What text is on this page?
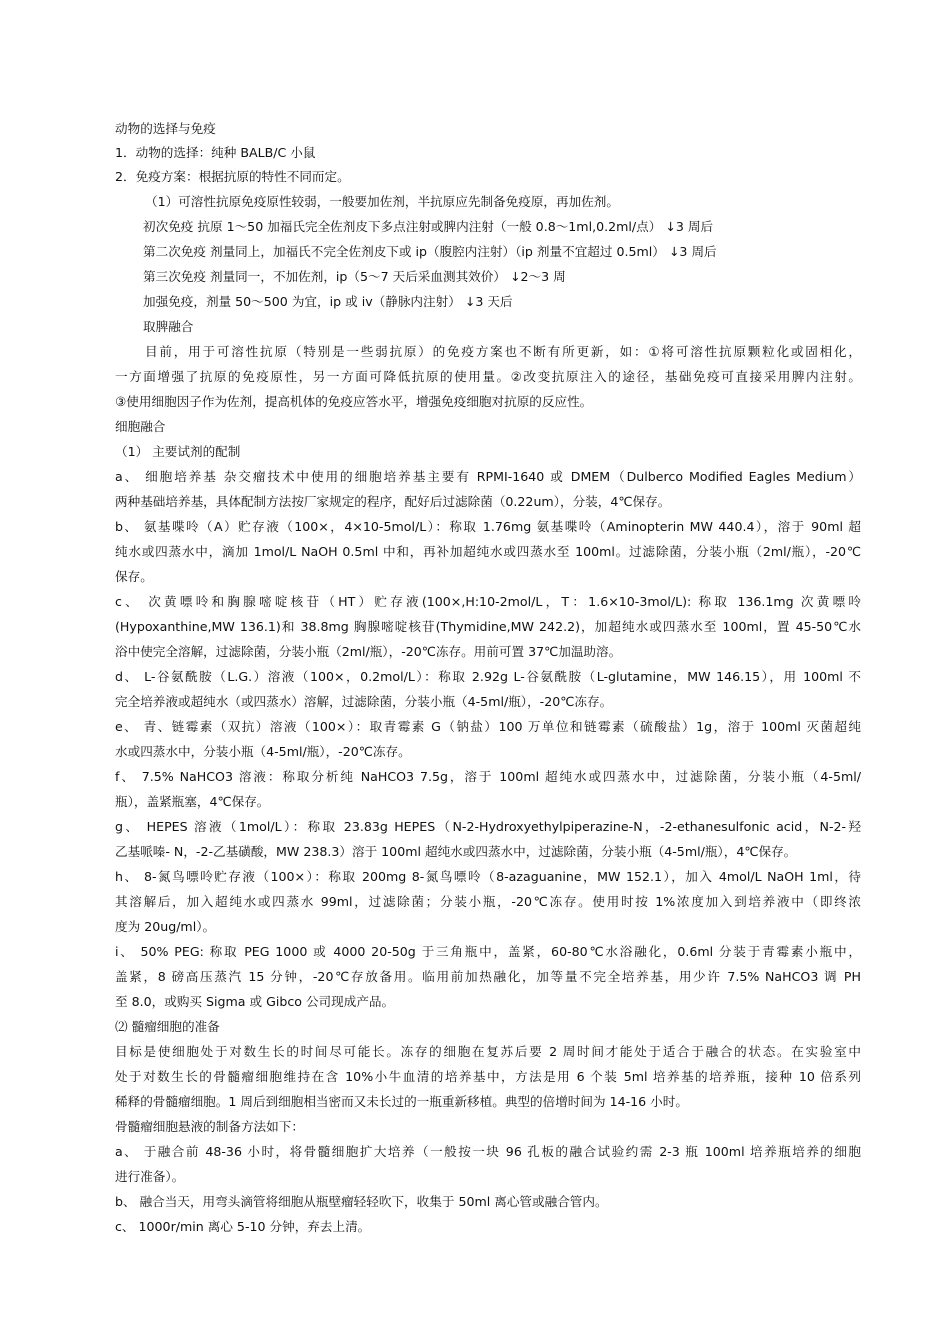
动物的选择与免疫
1．动物的选择：纯种 BALB/C 小鼠
2．免疫方案：根据抗原的特性不同而定。
（1）可溶性抗原免疫原性较弱，一般要加佐剂，半抗原应先制备免疫原，再加佐剂。
初次免疫 抗原 1～50 加福氏完全佐剂皮下多点注射或脾内注射（一般 0.8～1ml,0.2ml/点） ↓3 周后
第二次免疫 剂量同上，加福氏不完全佐剂皮下或 ip（腹腔内注射）（ip 剂量不宜超过 0.5ml） ↓3 周后
第三次免疫 剂量同一，不加佐剂，ip（5～7 天后采血测其效价） ↓2～3 周
加强免疫，剂量 50～500 为宜，ip 或 iv（静脉内注射） ↓3 天后
取脾融合
目前，用于可溶性抗原（特别是一些弱抗原）的免疫方案也不断有所更新，如：①将可溶性抗原颗粒化或固相化，
一方面增强了抗原的免疫原性，另一方面可降低抗原的使用量。②改变抗原注入的途径，基础免疫可直接采用脾内注射。
③使用细胞因子作为佐剂，提高机体的免疫应答水平，增强免疫细胞对抗原的反应性。
细胞融合
（1） 主要试剂的配制
a、 细胞培养基 杂交瘤技术中使用的细胞培养基主要有 RPMI-1640 或 DMEM（Dulberco Modified Eagles Medium）
两种基础培养基，具体配制方法按厂家规定的程序，配好后过滤除菌（0.22um），分装，4℃保存。
b、 氨基喋呤（A）贮存液（100×，4×10-5mol/L）：称取 1.76mg 氨基喋呤（Aminopterin MW 440.4），溶于 90ml 超
纯水或四蒸水中，滴加 1mol/L NaOH 0.5ml 中和，再补加超纯水或四蒸水至 100ml。过滤除菌，分装小瓶（2ml/瓶），-20℃
保存。
c、 次黄嘌呤和胸腺嘧啶核苷（HT）贮存液(100×,H:10-2mol/L，T：1.6×10-3mol/L): 称取 136.1mg 次黄嘌呤
(Hypoxanthine,MW 136.1)和 38.8mg 胸腺嘧啶核苷(Thymidine,MW 242.2)，加超纯水或四蒸水至 100ml，置 45-50℃水
浴中使完全溶解，过滤除菌，分装小瓶（2ml/瓶），-20℃冻存。用前可置 37℃加温助溶。
d、 L-谷氨酰胺（L.G.）溶液（100×，0.2mol/L）：称取 2.92g L-谷氨酰胺（L-glutamine，MW 146.15），用 100ml 不
完全培养液或超纯水（或四蒸水）溶解，过滤除菌，分装小瓶（4-5ml/瓶），-20℃冻存。
e、 青、链霉素（双抗）溶液（100×）：取青霉素 G（钠盐）100 万单位和链霉素（硫酸盐）1g，溶于 100ml 灭菌超纯
水或四蒸水中，分装小瓶（4-5ml/瓶），-20℃冻存。
f、 7.5% NaHCO3 溶液：称取分析纯 NaHCO3 7.5g，溶于 100ml 超纯水或四蒸水中，过滤除菌，分装小瓶（4-5ml/
瓶），盖紧瓶塞，4℃保存。
g、 HEPES 溶液（1mol/L）：称取 23.83g HEPES（N-2-Hydroxyethylpiperazine-N，-2-ethanesulfonic acid，N-2-羟
乙基哌嗪- N，-2-乙基磺酸，MW 238.3）溶于 100ml 超纯水或四蒸水中，过滤除菌，分装小瓶（4-5ml/瓶），4℃保存。
h、 8-氮鸟嘌呤贮存液（100×）：称取 200mg 8-氮鸟嘌呤（8-azaguanine，MW 152.1），加入 4mol/L NaOH 1ml，待
其溶解后，加入超纯水或四蒸水 99ml，过滤除菌；分装小瓶，-20℃冻存。使用时按 1%浓度加入到培养液中（即终浓
度为 20ug/ml）。
i、 50% PEG: 称取 PEG 1000 或 4000 20-50g 于三角瓶中，盖紧，60-80℃水浴融化，0.6ml 分装于青霉素小瓶中，
盖紧，8 磅高压蒸汽 15 分钟，-20℃存放备用。临用前加热融化，加等量不完全培养基，用少许 7.5% NaHCO3 调 PH
至 8.0，或购买 Sigma 或 Gibco 公司现成产品。
⑵ 髓瘤细胞的准备
目标是使细胞处于对数生长的时间尽可能长。冻存的细胞在复苏后要 2 周时间才能处于适合于融合的状态。在实验室中
处于对数生长的骨髓瘤细胞维持在含 10%小牛血清的培养基中，方法是用 6 个装 5ml 培养基的培养瓶，接种 10 倍系列
稀释的骨髓瘤细胞。1 周后到细胞相当密而又未长过的一瓶重新移植。典型的倍增时间为 14-16 小时。
骨髓瘤细胞悬液的制备方法如下：
a、 于融合前 48-36 小时，将骨髓细胞扩大培养（一般按一块 96 孔板的融合试验约需 2-3 瓶 100ml 培养瓶培养的细胞
进行准备）。
b、 融合当天，用弯头滴管将细胞从瓶壁瘤轻轻吹下，收集于 50ml 离心管或融合管内。
c、 1000r/min 离心 5-10 分钟，弃去上清。
